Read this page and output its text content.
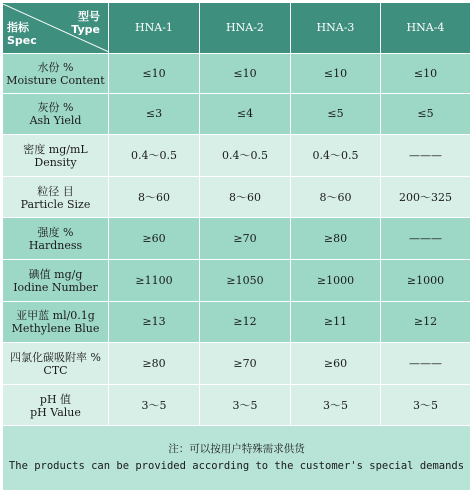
型号
Type
指标
Spec	HNA-1	HNA-2	HNA-3	HNA-4

水份 %
Moisture Content	≤10	≤10	≤10	≤10

灰份 %
Ash Yield	≤3	≤4	≤5	≤5

密度 mg/mL
Density	0.4～0.5	0.4～0.5	0.4～0.5	———

粒径 目
Particle Size	8～60	8～60	8～60	200～325

强度 %
Hardness	≥60	≥70	≥80	———

碘值 mg/g
Iodine Number	≥1100	≥1050	≥1000	≥1000

亚甲蓝 ml/0.1g
Methylene Blue	≥13	≥12	≥11	≥12

四氯化碳吸附率 %
CTC	≥80	≥70	≥60	———

pH 值
pH Value	3～5	3～5	3～5	3～5

注：可以按用户特殊需求供货
The products can be provided according to the customer's special demands				
